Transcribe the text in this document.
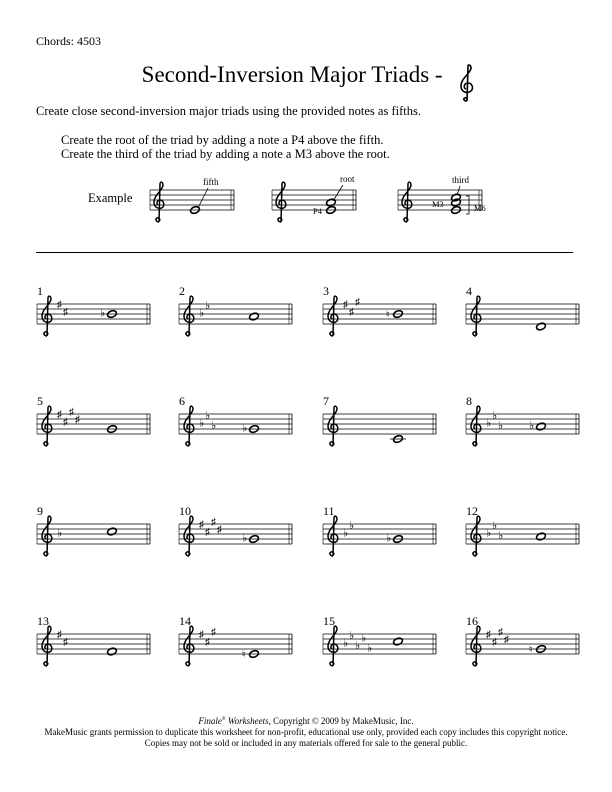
Chords: 4503
Second-Inversion Major Triads -
Create close second-inversion major triads using the provided notes as fifths.
Create the root of the triad by adding a note a P4 above the fifth.
Create the third of the triad by adding a note a M3 above the root.
Example
fifth	root
P4
third
M3	M6
1
♯
♯	♭
2
♭
♭
3
♯
♯
♯
♮
4
5
♯
♯
♯
♯
6
♭
♭
♭ ♭
7	8
♭
♭
♭ ♭
9
♭
10
♯
♯
♯
♯
♭
11
♭
♭
♭
12
♭
♭
♭
13
♯
♯
14
♯
♯
♯
♮
15
♭
♭
♭
♭
♭
16
♯
♯
♯
♯
♮
Finale® Worksheets, Copyright © 2009 by MakeMusic, Inc.
MakeMusic grants permission to duplicate this worksheet for non-profit, educational use only, provided each copy includes this copyright notice.
Copies may not be sold or included in any materials offered for sale to the general public.
